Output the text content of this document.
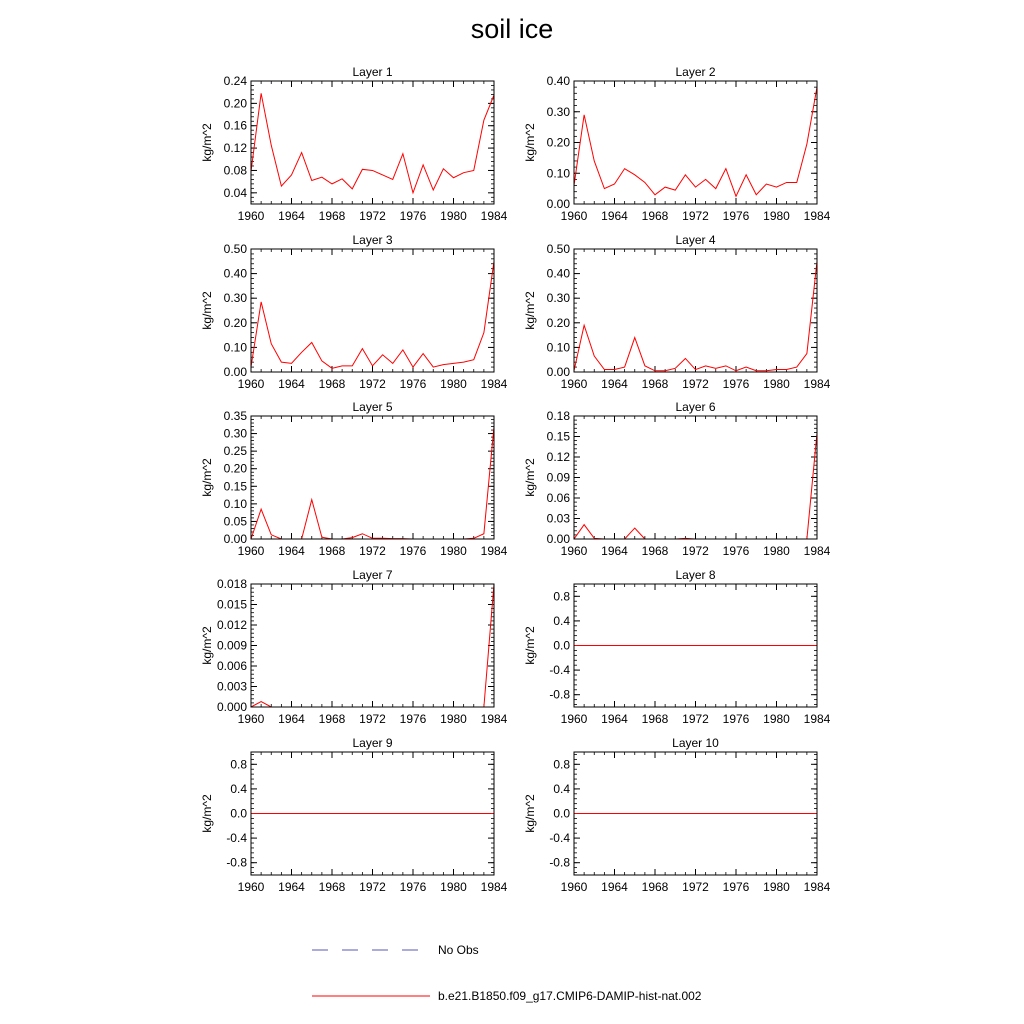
soil ice
Layer 1
kg/m^2
1960 1964 1968 1972 1976 1980 1984
0.04
0.08
0.12
0.16
0.20
0.24
Layer 2
kg/m^2
1960 1964 1968 1972 1976 1980 1984
0.00
0.10
0.20
0.30
0.40
Layer 3
kg/m^2
1960 1964 1968 1972 1976 1980 1984
0.00
0.10
0.20
0.30
0.40
0.50
Layer 4
kg/m^2
1960 1964 1968 1972 1976 1980 1984
0.00
0.10
0.20
0.30
0.40
0.50
Layer 5
kg/m^2
1960 1964 1968 1972 1976 1980 1984
0.00
0.05
0.10
0.15
0.20
0.25
0.30
0.35
Layer 6
kg/m^2
1960 1964 1968 1972 1976 1980 1984
0.00
0.03
0.06
0.09
0.12
0.15
0.18
Layer 7
kg/m^2
1960 1964 1968 1972 1976 1980 1984
0.000
0.003
0.006
0.009
0.012
0.015
0.018
Layer 8
kg/m^2
1960 1964 1968 1972 1976 1980 1984
-0.8
-0.4
0.0
0.4
0.8
Layer 9
kg/m^2
1960 1964 1968 1972 1976 1980 1984
-0.8
-0.4
0.0
0.4
0.8
Layer 10
kg/m^2
1960 1964 1968 1972 1976 1980 1984
-0.8
-0.4
0.0
0.4
0.8
No Obs
b.e21.B1850.f09_g17.CMIP6-DAMIP-hist-nat.002
